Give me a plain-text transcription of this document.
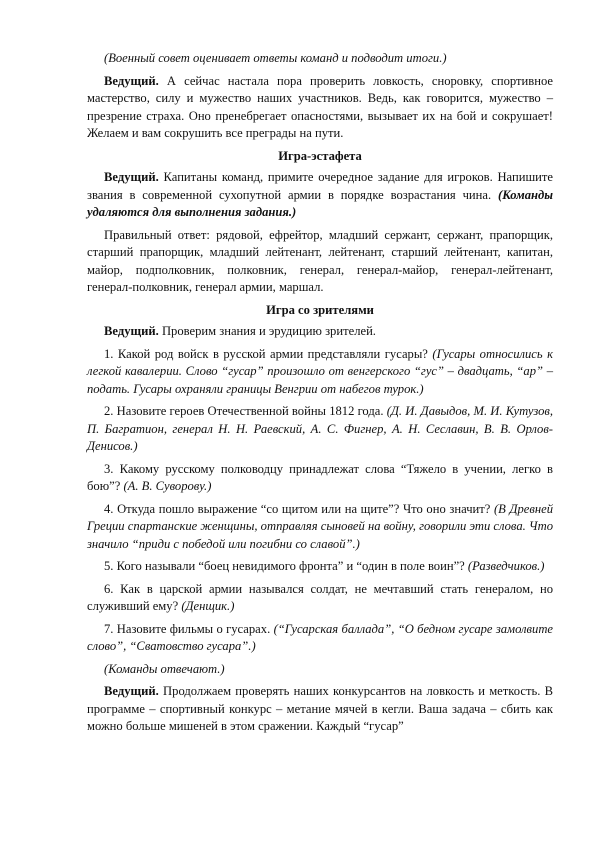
(Военный совет оценивает ответы команд и подводит итоги.)

Ведущий. А сейчас настала пора проверить ловкость, сноровку, спортивное мастерство, силу и мужество наших участников. Ведь, как говорится, мужество – презрение страха. Оно пренебрегает опасностями, вызывает их на бой и сокрушает! Желаем и вам сокрушить все преграды на пути.

Игра-эстафета

Ведущий. Капитаны команд, примите очередное задание для игроков. Напишите звания в современной сухопутной армии в порядке возрастания чина. (Команды удаляются для выполнения задания.)

Правильный ответ: рядовой, ефрейтор, младший сержант, сержант, прапорщик, старший прапорщик, младший лейтенант, лейтенант, старший лейтенант, капитан, майор, подполковник, полковник, генерал, генерал-майор, генерал-лейтенант, генерал-полковник, генерал армии, маршал.

Игра со зрителями

Ведущий. Проверим знания и эрудицию зрителей.

1. Какой род войск в русской армии представляли гусары? (Гусары относились к легкой кавалерии. Слово “гусар” произошло от венгерского “гус” – двадцать, “ар” – подать. Гусары охраняли границы Венгрии от набегов турок.)

2. Назовите героев Отечественной войны 1812 года. (Д. И. Давыдов, М. И. Кутузов, П. Багратион, генерал Н. Н. Раевский, А. С. Фигнер, А. Н. Сеславин, В. В. Орлов-Денисов.)

3. Какому русскому полководцу принадлежат слова “Тяжело в учении, легко в бою”? (А. В. Суворову.)

4. Откуда пошло выражение “со щитом или на щите”? Что оно значит? (В Древней Греции спартанские женщины, отправляя сыновей на войну, говорили эти слова. Что значило “приди с победой или погибни со славой”.)

5. Кого называли “боец невидимого фронта” и “один в поле воин”? (Разведчиков.)

6. Как в царской армии назывался солдат, не мечтавший стать генералом, но служивший ему? (Денщик.)

7. Назовите фильмы о гусарах. (“Гусарская баллада”, “О бедном гусаре замолвите слово”, “Сватовство гусара”.)

(Команды отвечают.)

Ведущий. Продолжаем проверять наших конкурсантов на ловкость и меткость. В программе – спортивный конкурс – метание мячей в кегли. Ваша задача – сбить как можно больше мишеней в этом сражении. Каждый “гусар”
